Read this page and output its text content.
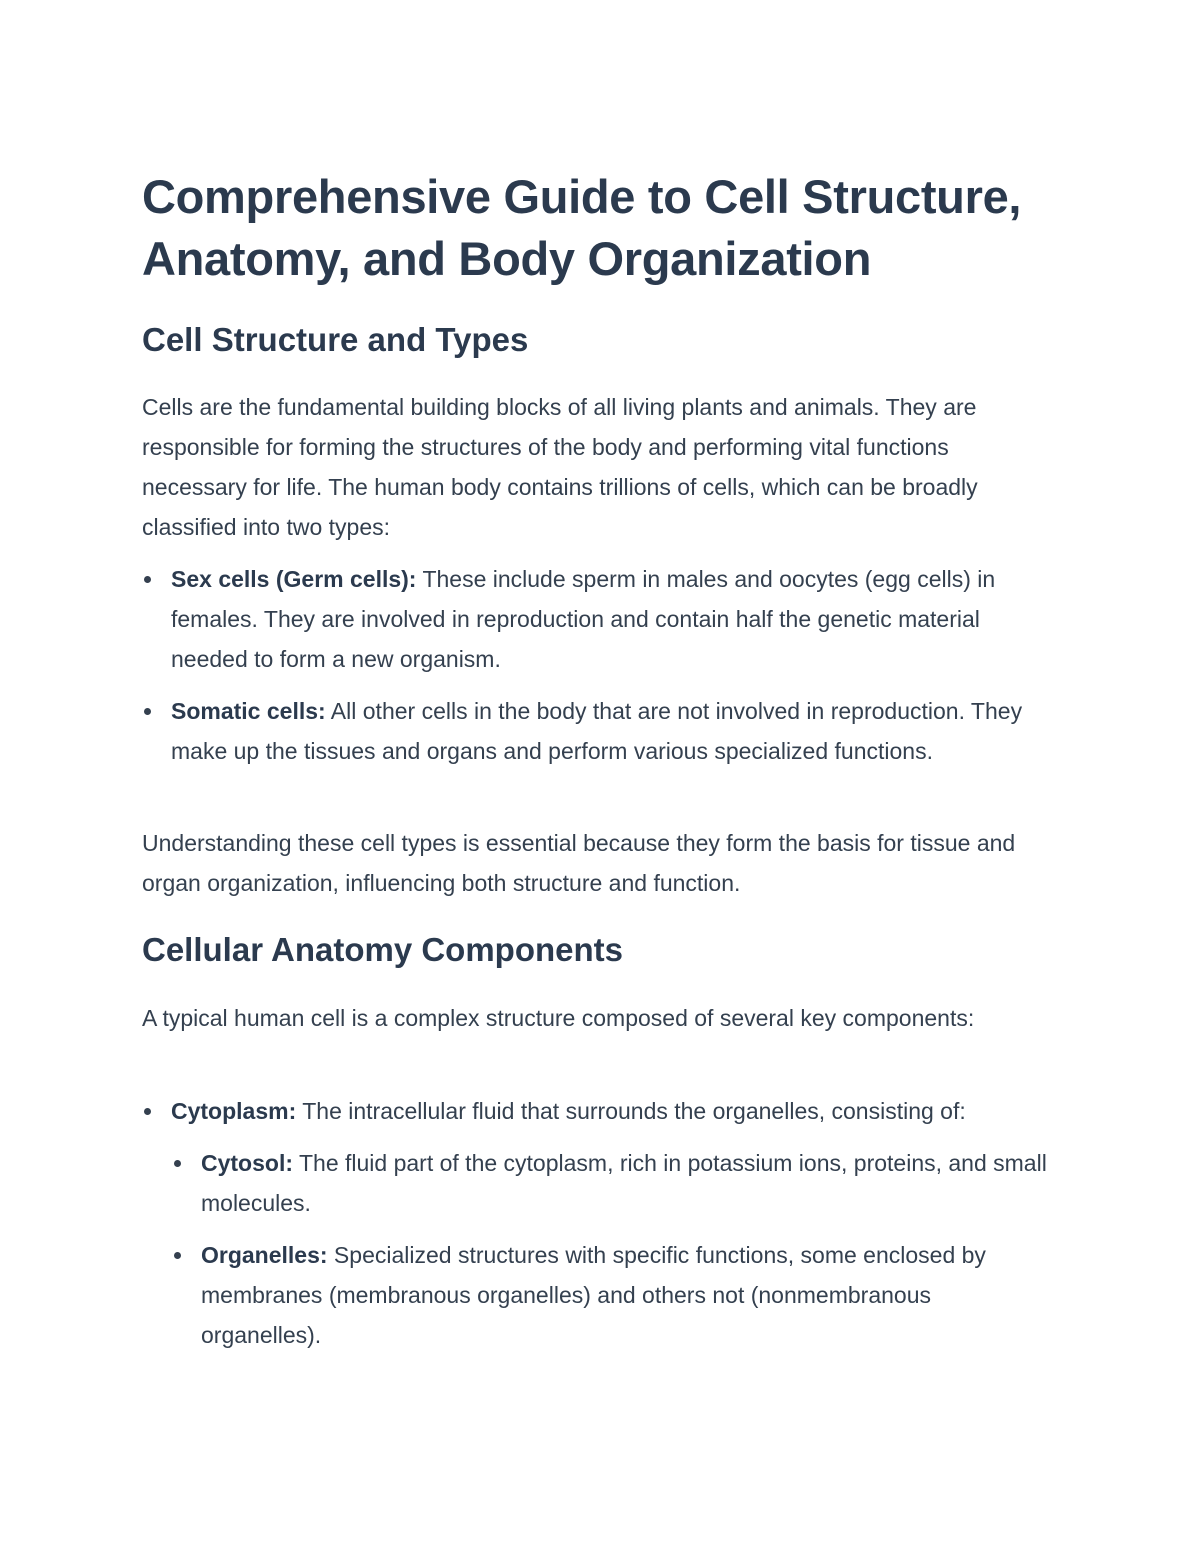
Comprehensive Guide to Cell Structure, Anatomy, and Body Organization
Cell Structure and Types

Cells are the fundamental building blocks of all living plants and animals. They are responsible for forming the structures of the body and performing vital functions necessary for life. The human body contains trillions of cells, which can be broadly classified into two types:

Sex cells (Germ cells): These include sperm in males and oocytes (egg cells) in females. They are involved in reproduction and contain half the genetic material needed to form a new organism.
Somatic cells: All other cells in the body that are not involved in reproduction. They make up the tissues and organs and perform various specialized functions.

Understanding these cell types is essential because they form the basis for tissue and organ organization, influencing both structure and function.

Cellular Anatomy Components

A typical human cell is a complex structure composed of several key components:

Cytoplasm: The intracellular fluid that surrounds the organelles, consisting of:
Cytosol: The fluid part of the cytoplasm, rich in potassium ions, proteins, and small molecules.
Organelles: Specialized structures with specific functions, some enclosed by membranes (membranous organelles) and others not (nonmembranous organelles).
